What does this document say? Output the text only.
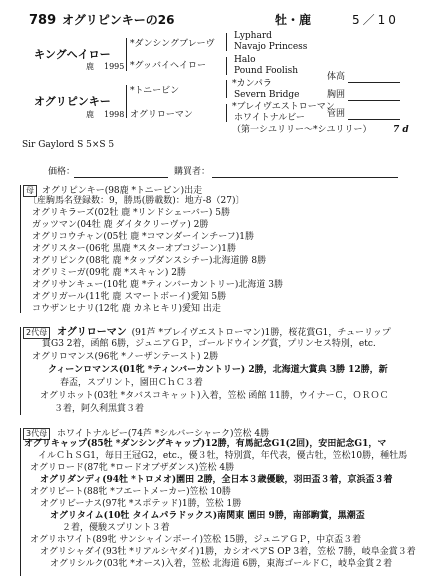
789 オグリピンキーの26	牡・鹿	5／10
キングヘイロー
鹿 1995
*ダンシングブレーヴ
*グッバイヘイロー
Lyphard
Navajo Princess
Halo
Pound Foolish
オグリピンキー
鹿 1998
*トニービン
オグリローマン
*カンパラ
Severn Bridge
*ブレイヴエストローマン
ホワイトナルビー
（第一シユリリー～*シユリリー） 7 d
体高
胸囲
管囲
Sir Gaylord S 5×S 5
価格：	購買者：
母 オグリピンキー(98鹿 *トニービン)出走
〔産駒馬名登録数：9，勝馬(勝載数)：地方-8（27)〕
オグリキラーズ(02牡 鹿 *リンドシェーバー) 5勝
ガッツマン(04牡 鹿 ダイタクリーヴァ) 2勝
オグリコウチャン(05牡 鹿 *コマンダーインチーフ)1勝
オグリスター(06牝 黒鹿 *スターオブコジーン)1勝
オグリピンク(08牝 鹿 *タップダンスシチー)北海道勝 8勝
オグリミーガ(09牝 鹿 *スキャン) 2勝
オグリサンキュー(10牝 鹿 *ティンバーカントリー)北海道 3勝
オグリガール(11牝 鹿 スマートボーイ)愛知 5勝
コウザンヒナリ(12牝 鹿 カネヒキリ)愛知 出走
2代母 オグリローマン (91芦 *ブレイヴエストローマン)1勝，桜花賞G1，チューリップ
賞G3 2着，函館 6勝，ジュニアＧＰ，ゴールドウイング賞，プリンセス特別，etc.
オグリロマンス(96牝 *ノーザンテースト) 2勝
クィーンロマンス(01牝 *ティンバーカントリー) 2勝，北海道大賞典 3勝 12勝，新
春盃，スプリント，園田ＣｈＣ３着
オグリホット(03牡 *タバスコキャット)入着，笠松 函館 11勝，ウイナーＣ，ＯＲＯＣ
３着，阿久利黒賞３着
3代母 ホワイトナルビー(74芦 *シルバーシャーク)笠松 4勝
オグリキャップ(85牡 *ダンシングキャップ)12勝，有馬記念G1(2回)，安田記念G1，マ
イルＣｈＳG1，毎日王冠G2，etc.，優３牡，特別賞，年代表，優古牡，笠松10勝，種牡馬
オグリロード(87牝 *ロードオブザダンス)笠松 4勝
オグリダンディ(94牡 *トロメオ)園田 2勝，全日本３歳優駿，羽田盃３着，京浜盃３着
オグリビート(88牝 *フエートメーカー)笠松 10勝
オグリビーナス(97牝 *スポテッド)1勝，笠松 1勝
オグリタイム(10牡 タイムパラドックス)南関東 園田 9勝，南部駒賞，黒潮盃
２着，優駿スプリント３着
オグリホワイト(89牝 サンシャインボーイ)笠松 15勝，ジュニアＧＰ，中京盃３着
オグリシャダイ(93牡 *リアルシヤダイ)1勝，カシオペアS OP 3着，笠松 7勝，岐阜金賞３着
オグリシルク(03牝 *オース)入着，笠松 北海道 6勝，東海ゴールドＣ，岐阜金賞２着
